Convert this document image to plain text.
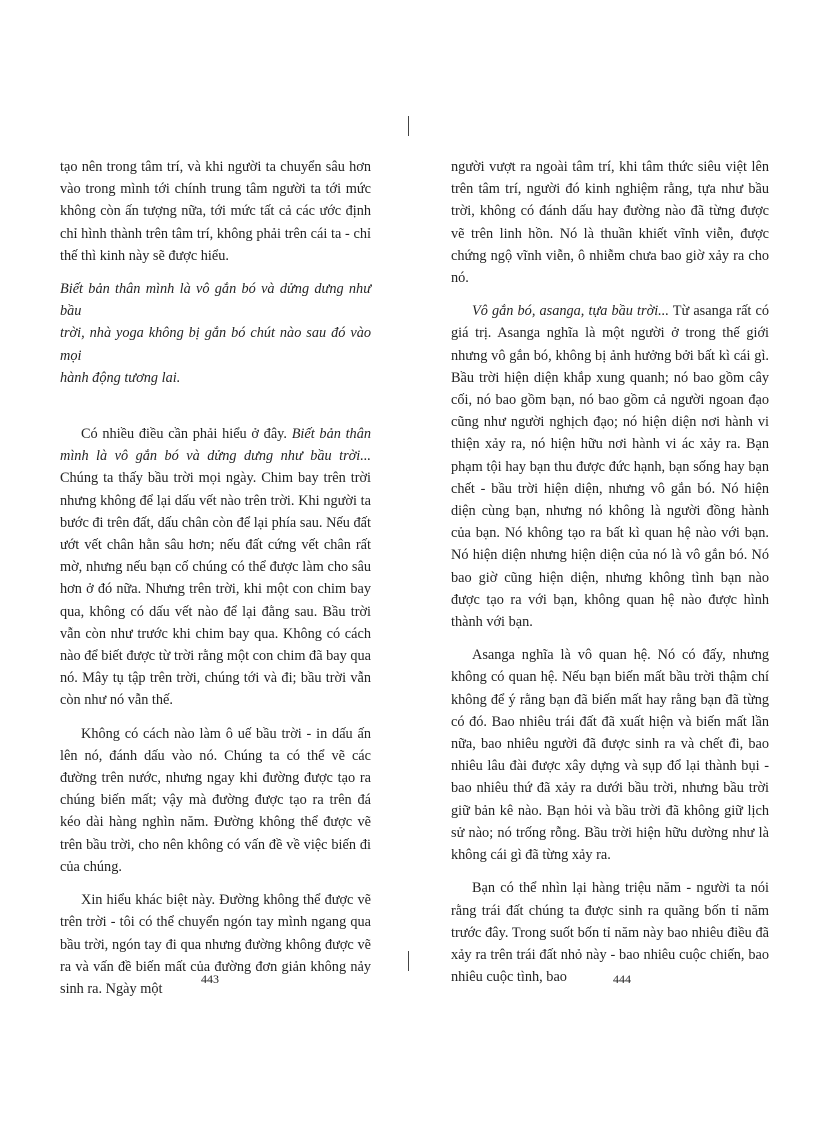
tạo nên trong tâm trí, và khi người ta chuyển sâu hơn vào trong mình tới chính trung tâm người ta tới mức không còn ấn tượng nữa, tới mức tất cả các ước định chỉ hình thành trên tâm trí, không phải trên cái ta - chỉ thế thì kinh này sẽ được hiểu.

Biết bản thân mình là vô gắn bó và dửng dưng như bầu
trời, nhà yoga không bị gắn bó chút nào sau đó vào mọi
hành động tương lai.

Có nhiều điều cần phải hiểu ở đây. Biết bản thân mình là vô gắn bó và dửng dưng như bầu trời... Chúng ta thấy bầu trời mọi ngày. Chim bay trên trời nhưng không để lại dấu vết nào trên trời. Khi người ta bước đi trên đất, dấu chân còn để lại phía sau. Nếu đất ướt vết chân hằn sâu hơn; nếu đất cứng vết chân rất mờ, nhưng nếu bạn cố chúng có thể được làm cho sâu hơn ở đó nữa. Nhưng trên trời, khi một con chim bay qua, không có dấu vết nào để lại đằng sau. Bầu trời vẫn còn như trước khi chim bay qua. Không có cách nào để biết được từ trời rằng một con chim đã bay qua nó. Mây tụ tập trên trời, chúng tới và đi; bầu trời vẫn còn như nó vẫn thế.

Không có cách nào làm ô uế bầu trời - in dấu ấn lên nó, đánh dấu vào nó. Chúng ta có thể vẽ các đường trên nước, nhưng ngay khi đường được tạo ra chúng biến mất; vậy mà đường được tạo ra trên đá kéo dài hàng nghìn năm. Đường không thể được vẽ trên bầu trời, cho nên không có vấn đề về việc biến đi của chúng.

Xin hiểu khác biệt này. Đường không thể được vẽ trên trời - tôi có thể chuyển ngón tay mình ngang qua bầu trời, ngón tay đi qua nhưng đường không được vẽ ra và vấn đề biến mất của đường đơn giản không nảy sinh ra. Ngày một

người vượt ra ngoài tâm trí, khi tâm thức siêu việt lên trên tâm trí, người đó kinh nghiệm rằng, tựa như bầu trời, không có đánh dấu hay đường nào đã từng được vẽ trên linh hồn. Nó là thuần khiết vĩnh viễn, được chứng ngộ vĩnh viễn, ô nhiễm chưa bao giờ xảy ra cho nó.

Vô gắn bó, asanga, tựa bầu trời... Từ asanga rất có giá trị. Asanga nghĩa là một người ở trong thế giới nhưng vô gắn bó, không bị ảnh hưởng bởi bất kì cái gì. Bầu trời hiện diện khắp xung quanh; nó bao gồm cây cối, nó bao gồm bạn, nó bao gồm cả người ngoan đạo cũng như người nghịch đạo; nó hiện diện nơi hành vi thiện xảy ra, nó hiện hữu nơi hành vi ác xảy ra. Bạn phạm tội hay bạn thu được đức hạnh, bạn sống hay bạn chết - bầu trời hiện diện, nhưng vô gắn bó. Nó hiện diện cùng bạn, nhưng nó không là người đồng hành của bạn. Nó không tạo ra bất kì quan hệ nào với bạn. Nó hiện diện nhưng hiện diện của nó là vô gắn bó. Nó bao giờ cũng hiện diện, nhưng không tình bạn nào được tạo ra với bạn, không quan hệ nào được hình thành với bạn.

Asanga nghĩa là vô quan hệ. Nó có đấy, nhưng không có quan hệ. Nếu bạn biến mất bầu trời thậm chí không để ý rằng bạn đã biến mất hay rằng bạn đã từng có đó. Bao nhiêu trái đất đã xuất hiện và biến mất lần nữa, bao nhiêu người đã được sinh ra và chết đi, bao nhiêu lâu đài được xây dựng và sụp đổ lại thành bụi - bao nhiêu thứ đã xảy ra dưới bầu trời, nhưng bầu trời giữ bản kê nào. Bạn hỏi và bầu trời đã không giữ lịch sử nào; nó trống rỗng. Bầu trời hiện hữu dường như là không cái gì đã từng xảy ra.

Bạn có thể nhìn lại hàng triệu năm - người ta nói rằng trái đất chúng ta được sinh ra quãng bốn tỉ năm trước đây. Trong suốt bốn tỉ năm này bao nhiêu điều đã xảy ra trên trái đất nhỏ này - bao nhiêu cuộc chiến, bao nhiêu cuộc tình, bao

443	444
